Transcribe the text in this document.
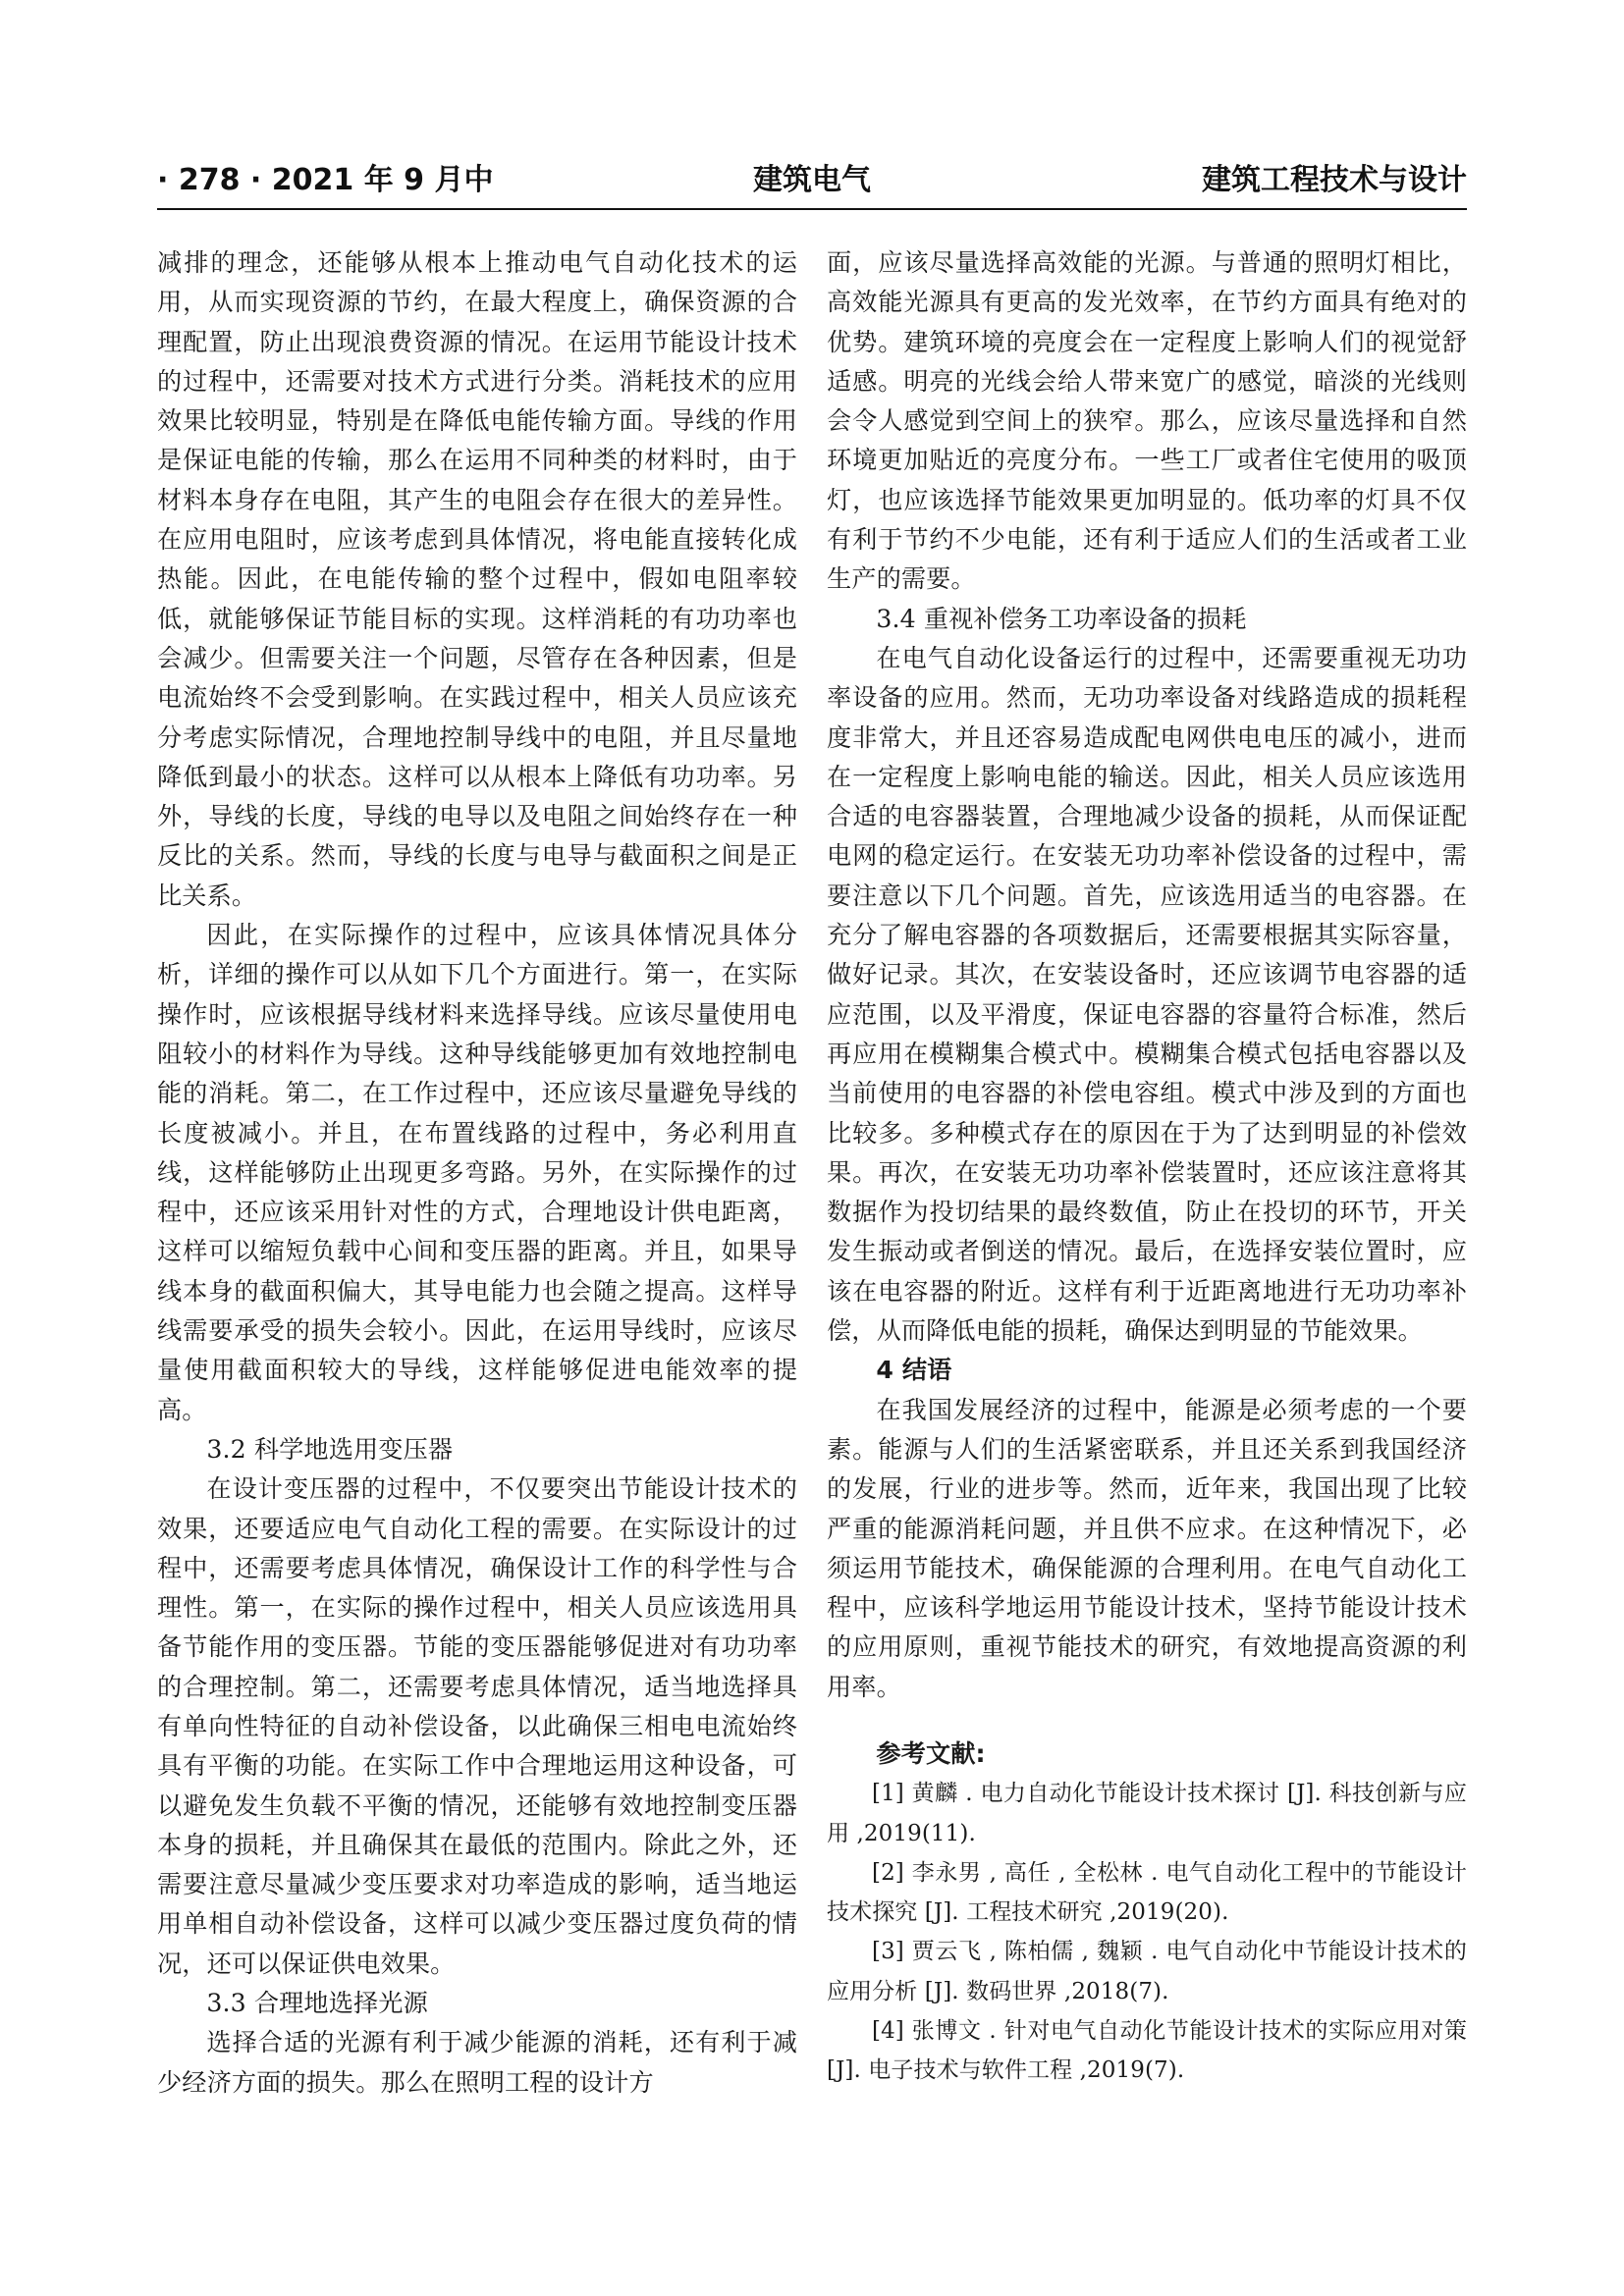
· 278 · 2021 年 9 月中	建筑电气	建筑工程技术与设计

减排的理念，还能够从根本上推动电气自动化技术的运用，从而实现资源的节约，在最大程度上，确保资源的合理配置，防止出现浪费资源的情况。在运用节能设计技术的过程中，还需要对技术方式进行分类。消耗技术的应用效果比较明显，特别是在降低电能传输方面。导线的作用是保证电能的传输，那么在运用不同种类的材料时，由于材料本身存在电阻，其产生的电阻会存在很大的差异性。在应用电阻时，应该考虑到具体情况，将电能直接转化成热能。因此，在电能传输的整个过程中，假如电阻率较低，就能够保证节能目标的实现。这样消耗的有功功率也会减少。但需要关注一个问题，尽管存在各种因素，但是电流始终不会受到影响。在实践过程中，相关人员应该充分考虑实际情况，合理地控制导线中的电阻，并且尽量地降低到最小的状态。这样可以从根本上降低有功功率。另外，导线的长度，导线的电导以及电阻之间始终存在一种反比的关系。然而，导线的长度与电导与截面积之间是正比关系。

因此，在实际操作的过程中，应该具体情况具体分析，详细的操作可以从如下几个方面进行。第一，在实际操作时，应该根据导线材料来选择导线。应该尽量使用电阻较小的材料作为导线。这种导线能够更加有效地控制电能的消耗。第二，在工作过程中，还应该尽量避免导线的长度被减小。并且，在布置线路的过程中，务必利用直线，这样能够防止出现更多弯路。另外，在实际操作的过程中，还应该采用针对性的方式，合理地设计供电距离，这样可以缩短负载中心间和变压器的距离。并且，如果导线本身的截面积偏大，其导电能力也会随之提高。这样导线需要承受的损失会较小。因此，在运用导线时，应该尽量使用截面积较大的导线，这样能够促进电能效率的提高。

3.2 科学地选用变压器

在设计变压器的过程中，不仅要突出节能设计技术的效果，还要适应电气自动化工程的需要。在实际设计的过程中，还需要考虑具体情况，确保设计工作的科学性与合理性。第一，在实际的操作过程中，相关人员应该选用具备节能作用的变压器。节能的变压器能够促进对有功功率的合理控制。第二，还需要考虑具体情况，适当地选择具有单向性特征的自动补偿设备，以此确保三相电电流始终具有平衡的功能。在实际工作中合理地运用这种设备，可以避免发生负载不平衡的情况，还能够有效地控制变压器本身的损耗，并且确保其在最低的范围内。除此之外，还需要注意尽量减少变压要求对功率造成的影响，适当地运用单相自动补偿设备，这样可以减少变压器过度负荷的情况，还可以保证供电效果。

3.3 合理地选择光源

选择合适的光源有利于减少能源的消耗，还有利于减少经济方面的损失。那么在照明工程的设计方

面，应该尽量选择高效能的光源。与普通的照明灯相比，高效能光源具有更高的发光效率，在节约方面具有绝对的优势。建筑环境的亮度会在一定程度上影响人们的视觉舒适感。明亮的光线会给人带来宽广的感觉，暗淡的光线则会令人感觉到空间上的狭窄。那么，应该尽量选择和自然环境更加贴近的亮度分布。一些工厂或者住宅使用的吸顶灯，也应该选择节能效果更加明显的。低功率的灯具不仅有利于节约不少电能，还有利于适应人们的生活或者工业生产的需要。

3.4 重视补偿务工功率设备的损耗

在电气自动化设备运行的过程中，还需要重视无功功率设备的应用。然而，无功功率设备对线路造成的损耗程度非常大，并且还容易造成配电网供电电压的减小，进而在一定程度上影响电能的输送。因此，相关人员应该选用合适的电容器装置，合理地减少设备的损耗，从而保证配电网的稳定运行。在安装无功功率补偿设备的过程中，需要注意以下几个问题。首先，应该选用适当的电容器。在充分了解电容器的各项数据后，还需要根据其实际容量，做好记录。其次，在安装设备时，还应该调节电容器的适应范围，以及平滑度，保证电容器的容量符合标准，然后再应用在模糊集合模式中。模糊集合模式包括电容器以及当前使用的电容器的补偿电容组。模式中涉及到的方面也比较多。多种模式存在的原因在于为了达到明显的补偿效果。再次，在安装无功功率补偿装置时，还应该注意将其数据作为投切结果的最终数值，防止在投切的环节，开关发生振动或者倒送的情况。最后，在选择安装位置时，应该在电容器的附近。这样有利于近距离地进行无功功率补偿，从而降低电能的损耗，确保达到明显的节能效果。

4 结语

在我国发展经济的过程中，能源是必须考虑的一个要素。能源与人们的生活紧密联系，并且还关系到我国经济的发展，行业的进步等。然而，近年来，我国出现了比较严重的能源消耗问题，并且供不应求。在这种情况下，必须运用节能技术，确保能源的合理利用。在电气自动化工程中，应该科学地运用节能设计技术，坚持节能设计技术的应用原则，重视节能技术的研究，有效地提高资源的利用率。

参考文献:

[1] 黄麟 . 电力自动化节能设计技术探讨 [J]. 科技创新与应用 ,2019(11).

[2] 李永男 , 高任 , 全松林 . 电气自动化工程中的节能设计技术探究 [J]. 工程技术研究 ,2019(20).

[3] 贾云飞 , 陈柏儒 , 魏颖 . 电气自动化中节能设计技术的应用分析 [J]. 数码世界 ,2018(7).

[4] 张博文 . 针对电气自动化节能设计技术的实际应用对策 [J]. 电子技术与软件工程 ,2019(7).
